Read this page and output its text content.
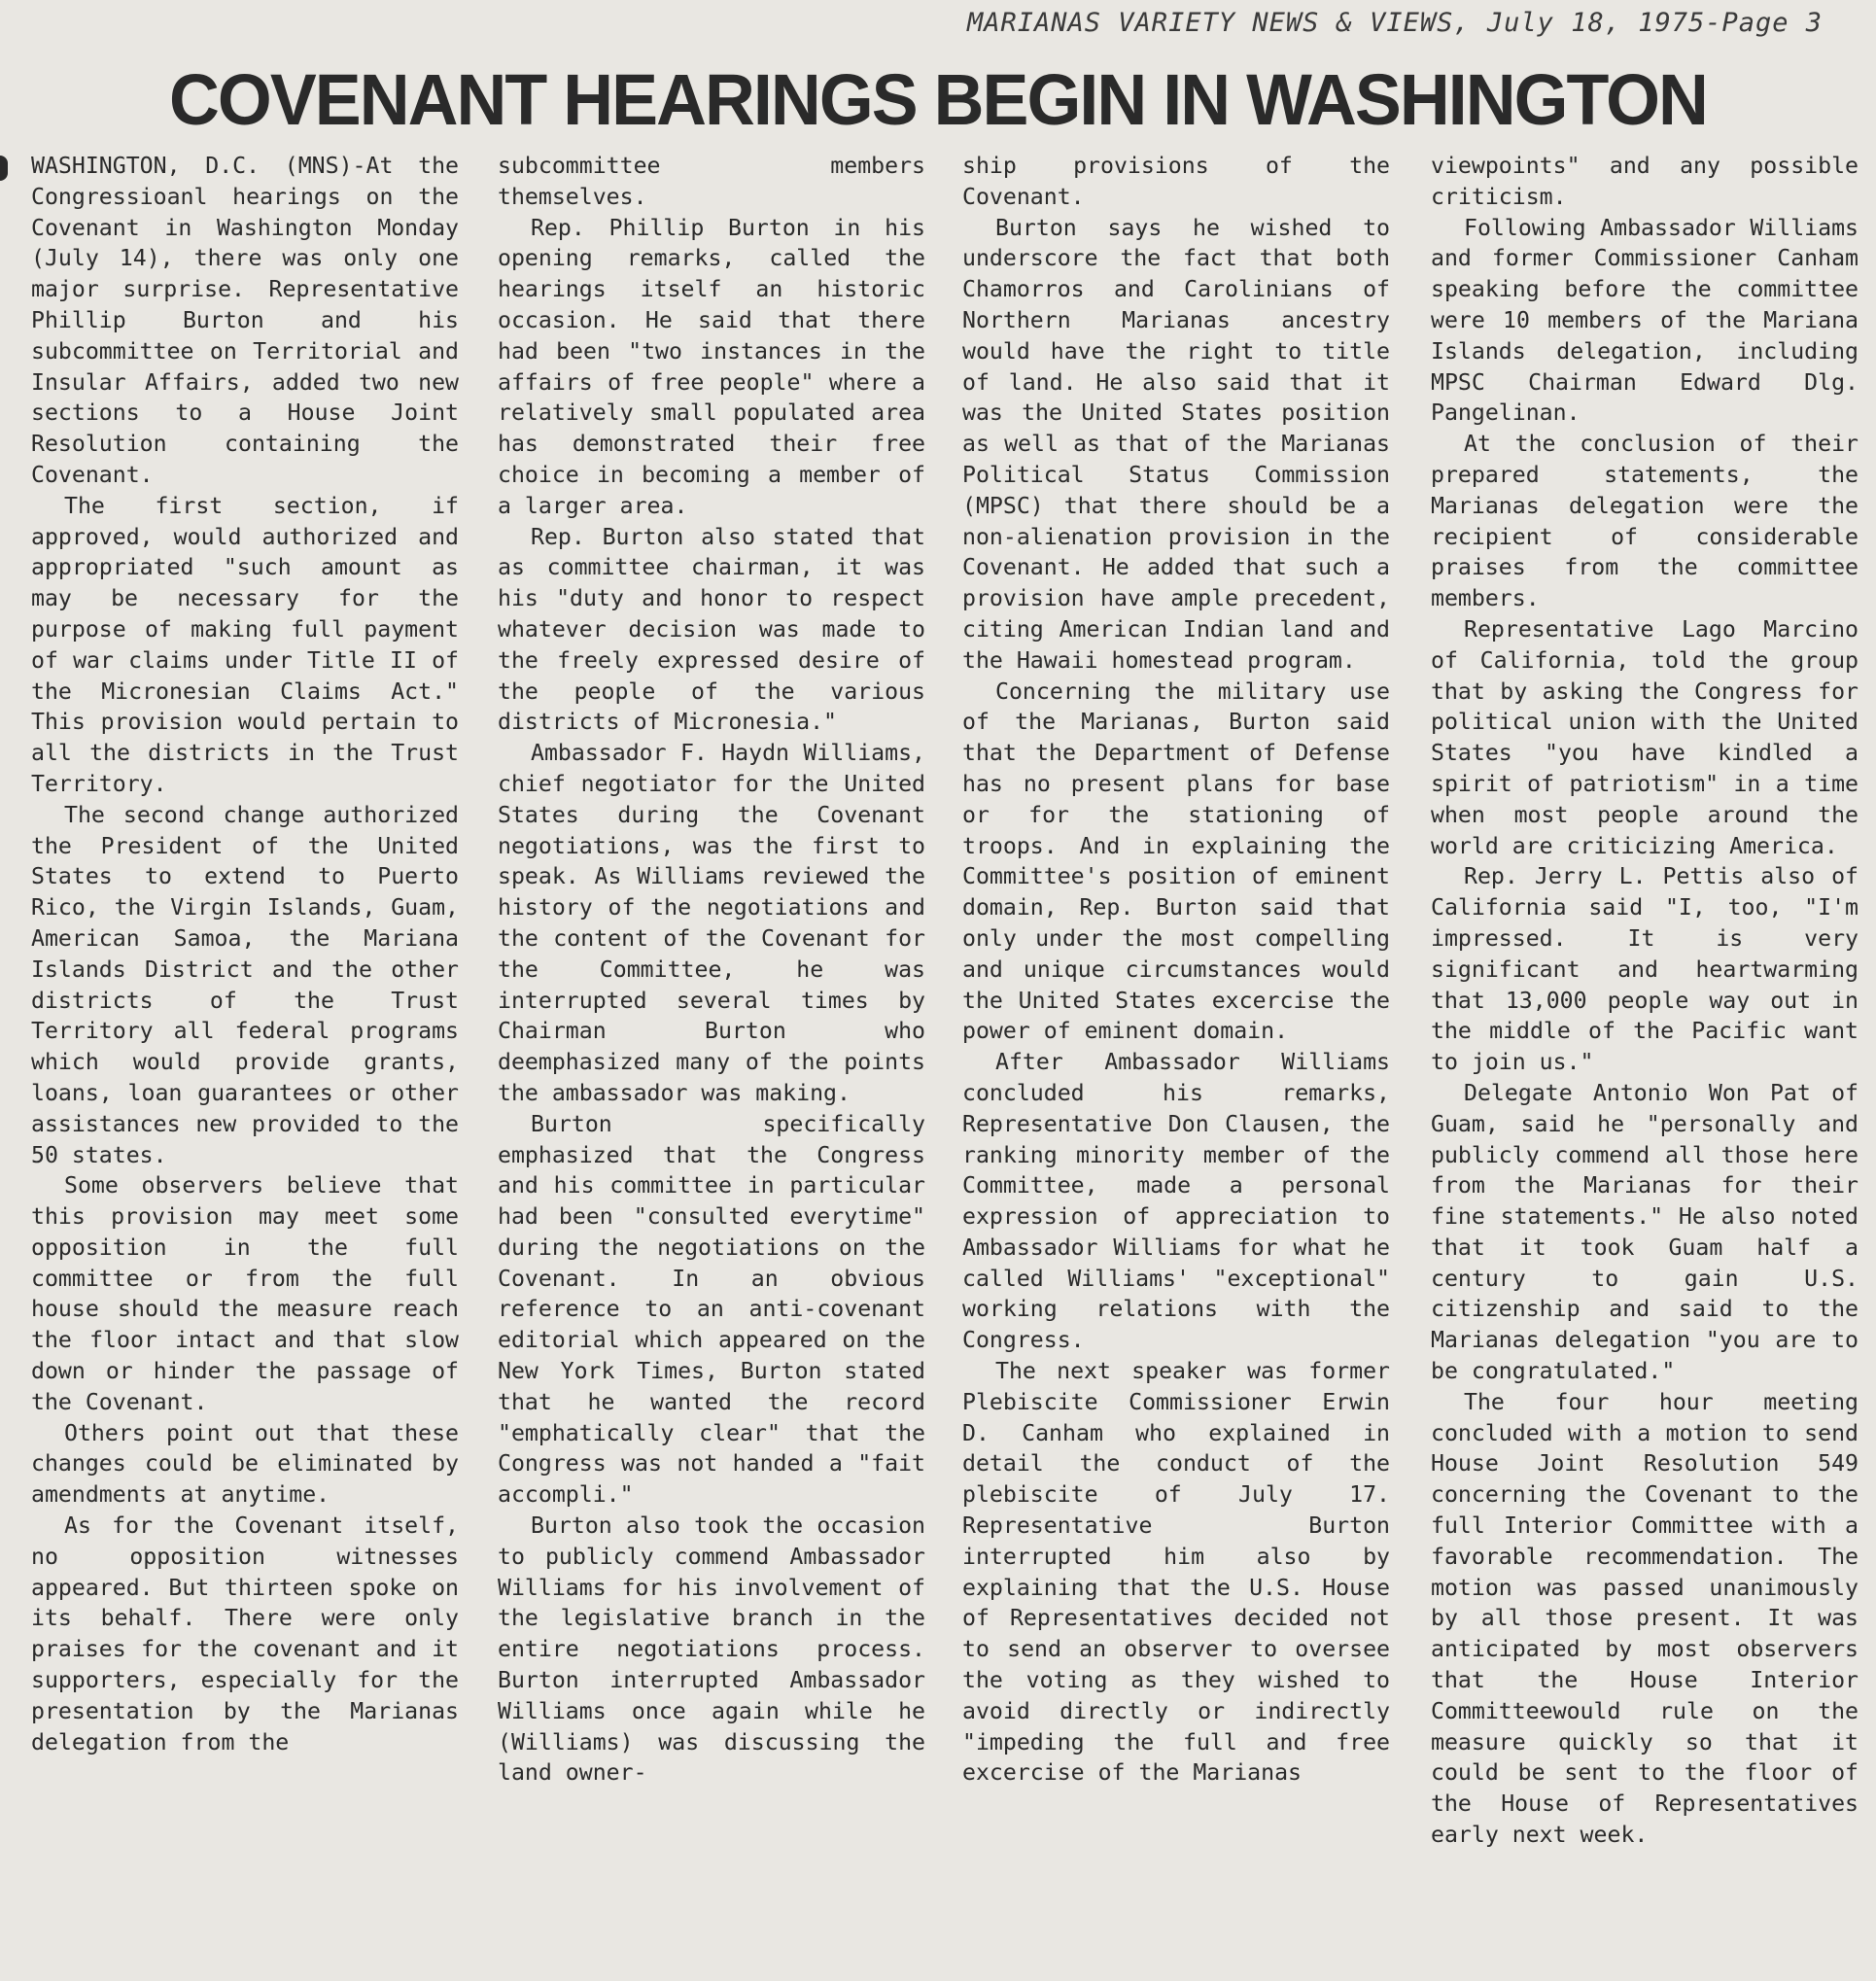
MARIANAS VARIETY NEWS & VIEWS, July 18, 1975-Page 3
COVENANT HEARINGS BEGIN IN WASHINGTON

WASHINGTON, D.C. (MNS)-At the Congressioanl hearings on the Covenant in Washington Monday (July 14), there was only one major surprise. Representative Phillip Burton and his subcommittee on Territorial and Insular Affairs, added two new sections to a House Joint Resolution containing the Covenant.

The first section, if approved, would authorized and appropriated "such amount as may be necessary for the purpose of making full payment of war claims under Title II of the Micronesian Claims Act." This provision would pertain to all the districts in the Trust Territory.

The second change authorized the President of the United States to extend to Puerto Rico, the Virgin Islands, Guam, American Samoa, the Mariana Islands District and the other districts of the Trust Territory all federal programs which would provide grants, loans, loan guarantees or other assistances new provided to the 50 states.

Some observers believe that this provision may meet some opposition in the full committee or from the full house should the measure reach the floor intact and that slow down or hinder the passage of the Covenant.

Others point out that these changes could be eliminated by amendments at anytime.

As for the Covenant itself, no opposition witnesses appeared. But thirteen spoke on its behalf. There were only praises for the covenant and it supporters, especially for the presentation by the Marianas delegation from the

subcommittee members themselves.

Rep. Phillip Burton in his opening remarks, called the hearings itself an historic occasion. He said that there had been "two instances in the affairs of free people" where a relatively small populated area has demonstrated their free choice in becoming a member of a larger area.

Rep. Burton also stated that as committee chairman, it was his "duty and honor to respect whatever decision was made to the freely expressed desire of the people of the various districts of Micronesia."

Ambassador F. Haydn Williams, chief negotiator for the United States during the Covenant negotiations, was the first to speak. As Williams reviewed the history of the negotiations and the content of the Covenant for the Committee, he was interrupted several times by Chairman Burton who deemphasized many of the points the ambassador was making.

Burton specifically emphasized that the Congress and his committee in particular had been "consulted everytime" during the negotiations on the Covenant. In an obvious reference to an anti-covenant editorial which appeared on the New York Times, Burton stated that he wanted the record "emphatically clear" that the Congress was not handed a "fait accompli."

Burton also took the occasion to publicly commend Ambassador Williams for his involvement of the legislative branch in the entire negotiations process. Burton interrupted Ambassador Williams once again while he (Williams) was discussing the land owner-

ship provisions of the Covenant.

Burton says he wished to underscore the fact that both Chamorros and Carolinians of Northern Marianas ancestry would have the right to title of land. He also said that it was the United States position as well as that of the Marianas Political Status Commission (MPSC) that there should be a non-alienation provision in the Covenant. He added that such a provision have ample precedent, citing American Indian land and the Hawaii homestead program.

Concerning the military use of the Marianas, Burton said that the Department of Defense has no present plans for base or for the stationing of troops. And in explaining the Committee's position of eminent domain, Rep. Burton said that only under the most compelling and unique circumstances would the United States excercise the power of eminent domain.

After Ambassador Williams concluded his remarks, Representative Don Clausen, the ranking minority member of the Committee, made a personal expression of appreciation to Ambassador Williams for what he called Williams' "exceptional" working relations with the Congress.

The next speaker was former Plebiscite Commissioner Erwin D. Canham who explained in detail the conduct of the plebiscite of July 17. Representative Burton interrupted him also by explaining that the U.S. House of Representatives decided not to send an observer to oversee the voting as they wished to avoid directly or indirectly "impeding the full and free excercise of the Marianas

viewpoints" and any possible criticism.

Following Ambassador Williams and former Commissioner Canham speaking before the committee were 10 members of the Mariana Islands delegation, including MPSC Chairman Edward Dlg. Pangelinan.

At the conclusion of their prepared statements, the Marianas delegation were the recipient of considerable praises from the committee members.

Representative Lago Marcino of California, told the group that by asking the Congress for political union with the United States "you have kindled a spirit of patriotism" in a time when most people around the world are criticizing America.

Rep. Jerry L. Pettis also of California said "I, too, "I'm impressed. It is very significant and heartwarming that 13,000 people way out in the middle of the Pacific want to join us."

Delegate Antonio Won Pat of Guam, said he "personally and publicly commend all those here from the Marianas for their fine statements." He also noted that it took Guam half a century to gain U.S. citizenship and said to the Marianas delegation "you are to be congratulated."

The four hour meeting concluded with a motion to send House Joint Resolution 549 concerning the Covenant to the full Interior Committee with a favorable recommendation. The motion was passed unanimously by all those present. It was anticipated by most observers that the House Interior Committeewould rule on the measure quickly so that it could be sent to the floor of the House of Representatives early next week.
